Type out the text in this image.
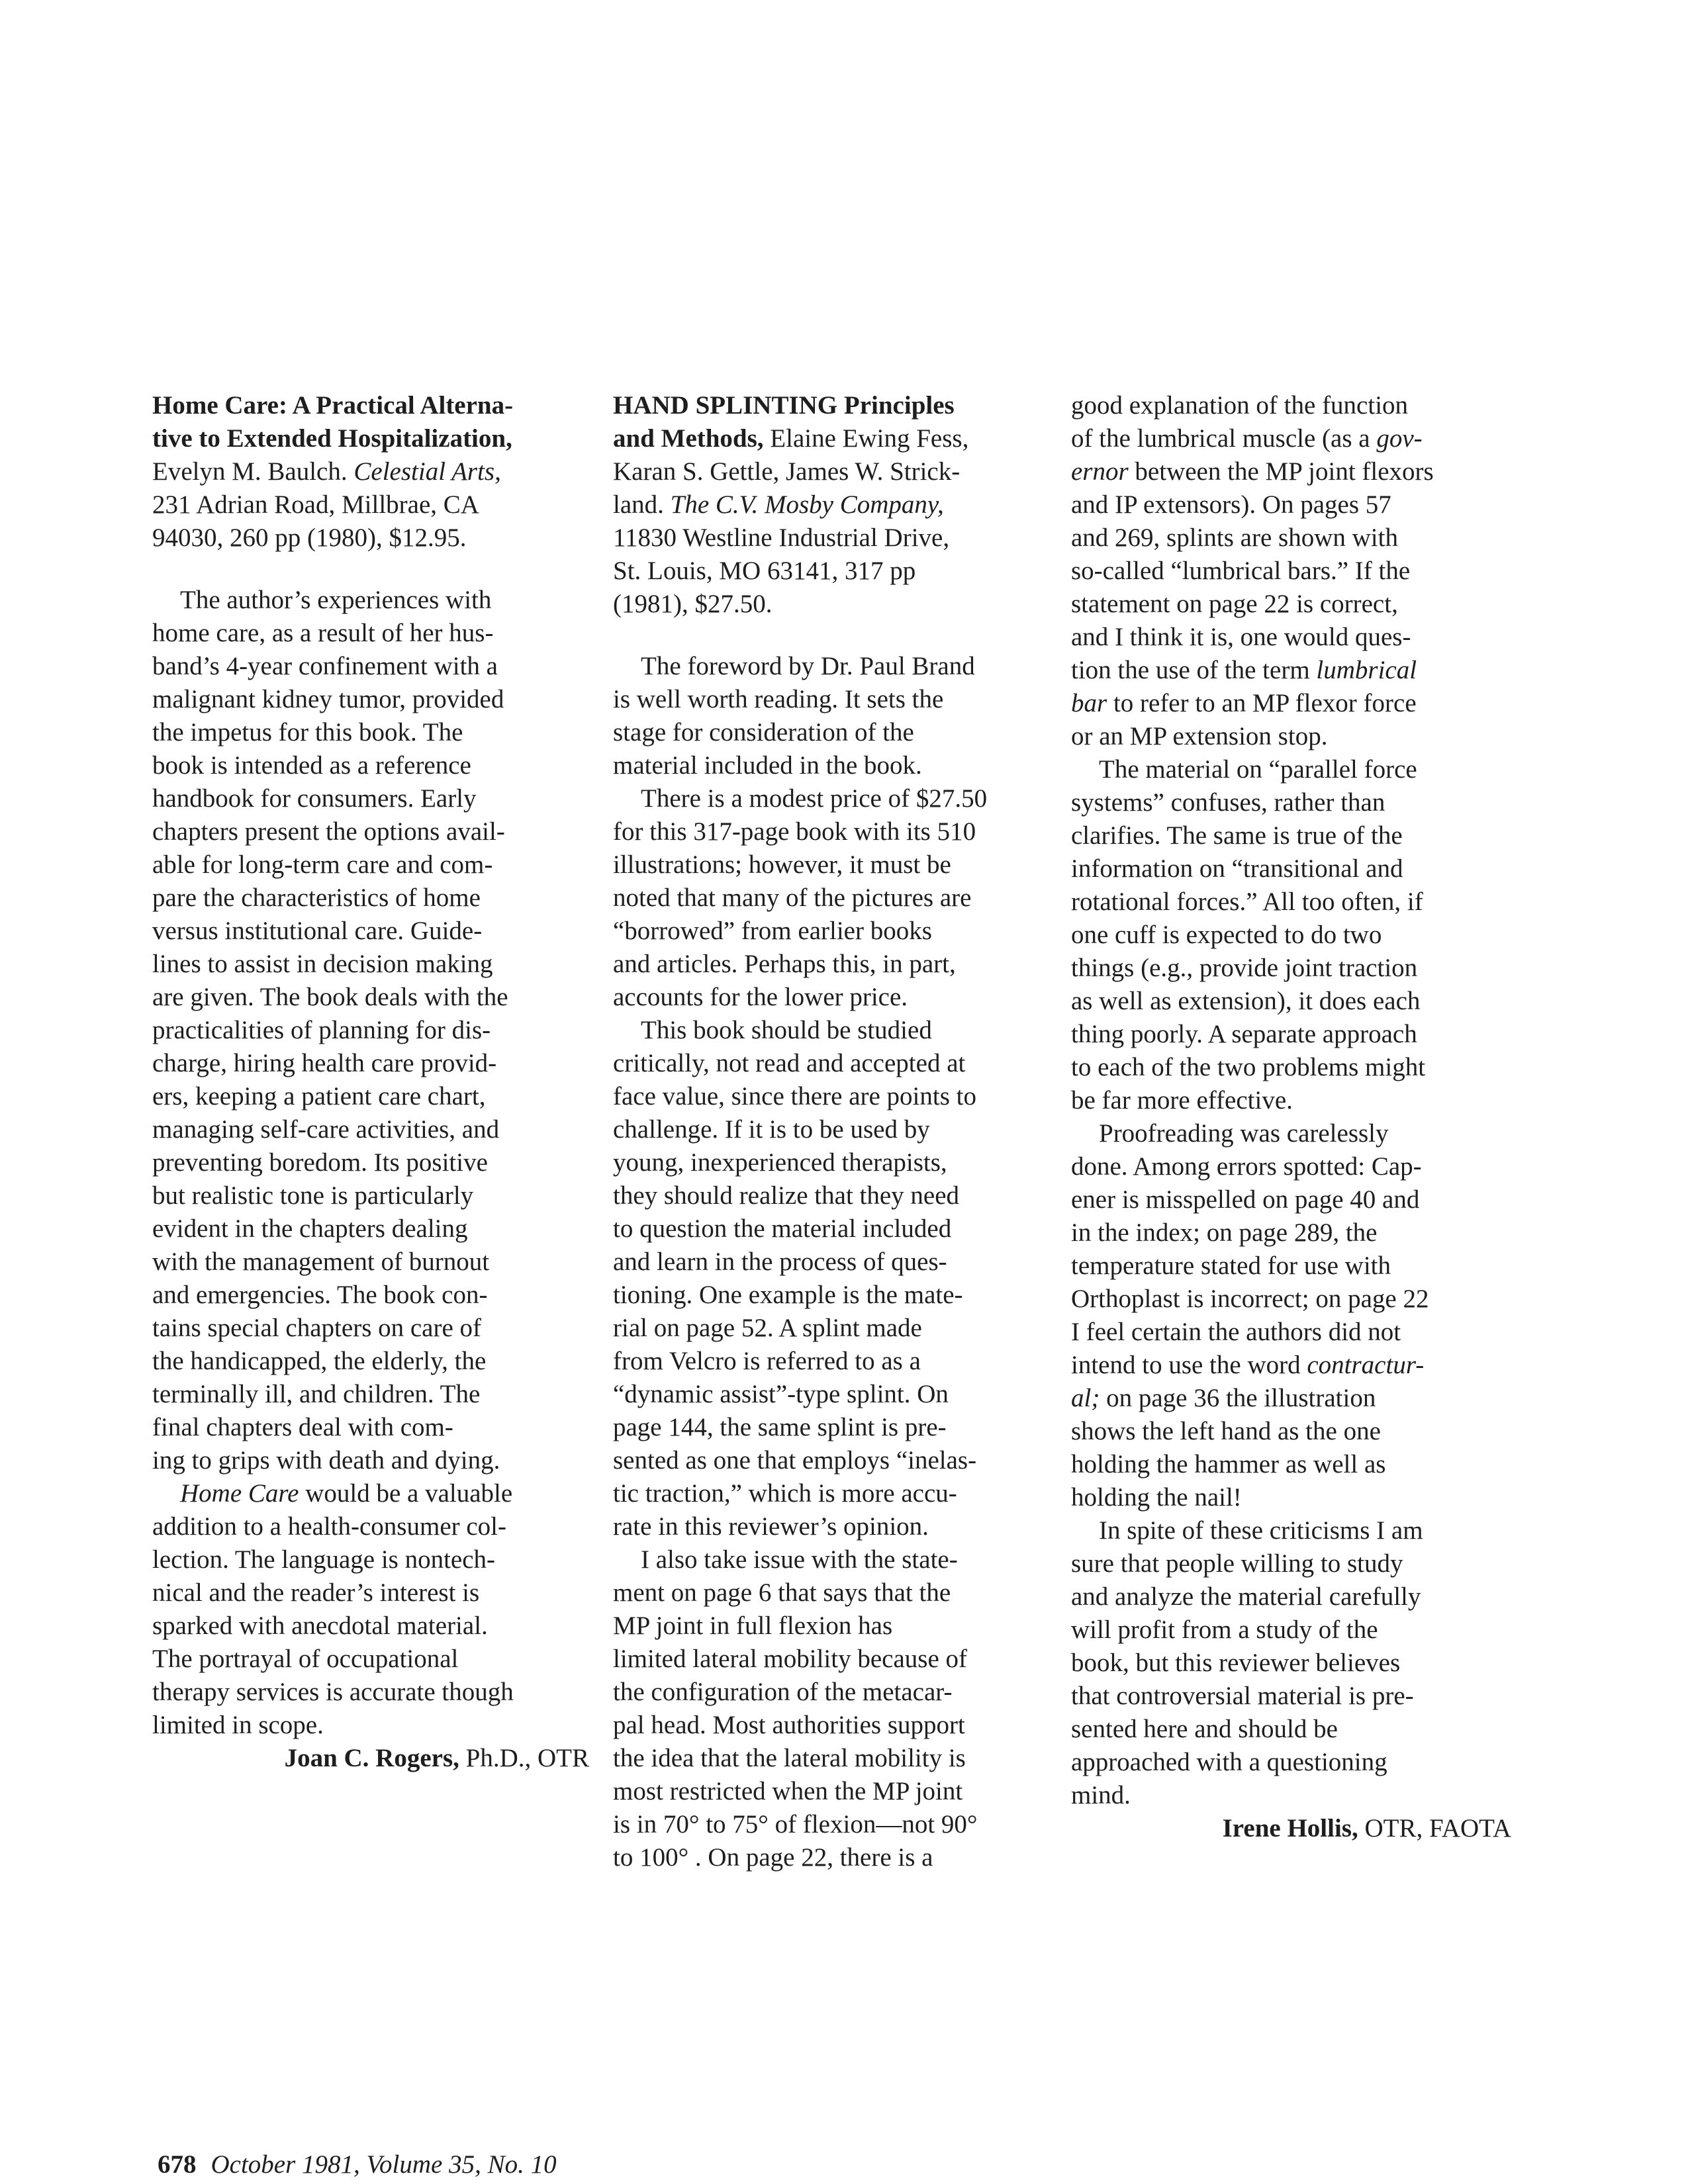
Home Care: A Practical Alterna-
tive to Extended Hospitalization,
Evelyn M. Baulch. Celestial Arts,
231 Adrian Road, Millbrae, CA
94030, 260 pp (1980), $12.95.
The author’s experiences with
home care, as a result of her hus-
band’s 4-year confinement with a
malignant kidney tumor, provided
the impetus for this book. The
book is intended as a reference
handbook for consumers. Early
chapters present the options avail-
able for long-term care and com-
pare the characteristics of home
versus institutional care. Guide-
lines to assist in decision making
are given. The book deals with the
practicalities of planning for dis-
charge, hiring health care provid-
ers, keeping a patient care chart,
managing self-care activities, and
preventing boredom. Its positive
but realistic tone is particularly
evident in the chapters dealing
with the management of burnout
and emergencies. The book con-
tains special chapters on care of
the handicapped, the elderly, the
terminally ill, and children. The
final chapters deal with com-
ing to grips with death and dying.
Home Care would be a valuable
addition to a health-consumer col-
lection. The language is nontech-
nical and the reader’s interest is
sparked with anecdotal material.
The portrayal of occupational
therapy services is accurate though
limited in scope.
Joan C. Rogers, Ph.D., OTR
HAND SPLINTING Principles
and Methods, Elaine Ewing Fess,
Karan S. Gettle, James W. Strick-
land. The C.V. Mosby Company,
11830 Westline Industrial Drive,
St. Louis, MO 63141, 317 pp
(1981), $27.50.
The foreword by Dr. Paul Brand
is well worth reading. It sets the
stage for consideration of the
material included in the book.
There is a modest price of $27.50
for this 317-page book with its 510
illustrations; however, it must be
noted that many of the pictures are
“borrowed” from earlier books
and articles. Perhaps this, in part,
accounts for the lower price.
This book should be studied
critically, not read and accepted at
face value, since there are points to
challenge. If it is to be used by
young, inexperienced therapists,
they should realize that they need
to question the material included
and learn in the process of ques-
tioning. One example is the mate-
rial on page 52. A splint made
from Velcro is referred to as a
“dynamic assist”-type splint. On
page 144, the same splint is pre-
sented as one that employs “inelas-
tic traction,” which is more accu-
rate in this reviewer’s opinion.
I also take issue with the state-
ment on page 6 that says that the
MP joint in full flexion has
limited lateral mobility because of
the configuration of the metacar-
pal head. Most authorities support
the idea that the lateral mobility is
most restricted when the MP joint
is in 70° to 75° of flexion—not 90°
to 100° . On page 22, there is a
good explanation of the function
of the lumbrical muscle (as a gov-
ernor between the MP joint flexors
and IP extensors). On pages 57
and 269, splints are shown with
so-called “lumbrical bars.” If the
statement on page 22 is correct,
and I think it is, one would ques-
tion the use of the term lumbrical
bar to refer to an MP flexor force
or an MP extension stop.
The material on “parallel force
systems” confuses, rather than
clarifies. The same is true of the
information on “transitional and
rotational forces.” All too often, if
one cuff is expected to do two
things (e.g., provide joint traction
as well as extension), it does each
thing poorly. A separate approach
to each of the two problems might
be far more effective.
Proofreading was carelessly
done. Among errors spotted: Cap-
ener is misspelled on page 40 and
in the index; on page 289, the
temperature stated for use with
Orthoplast is incorrect; on page 22
I feel certain the authors did not
intend to use the word contractur-
al; on page 36 the illustration
shows the left hand as the one
holding the hammer as well as
holding the nail!
In spite of these criticisms I am
sure that people willing to study
and analyze the material carefully
will profit from a study of the
book, but this reviewer believes
that controversial material is pre-
sented here and should be
approached with a questioning
mind.
Irene Hollis, OTR, FAOTA
678 October 1981, Volume 35, No. 10
